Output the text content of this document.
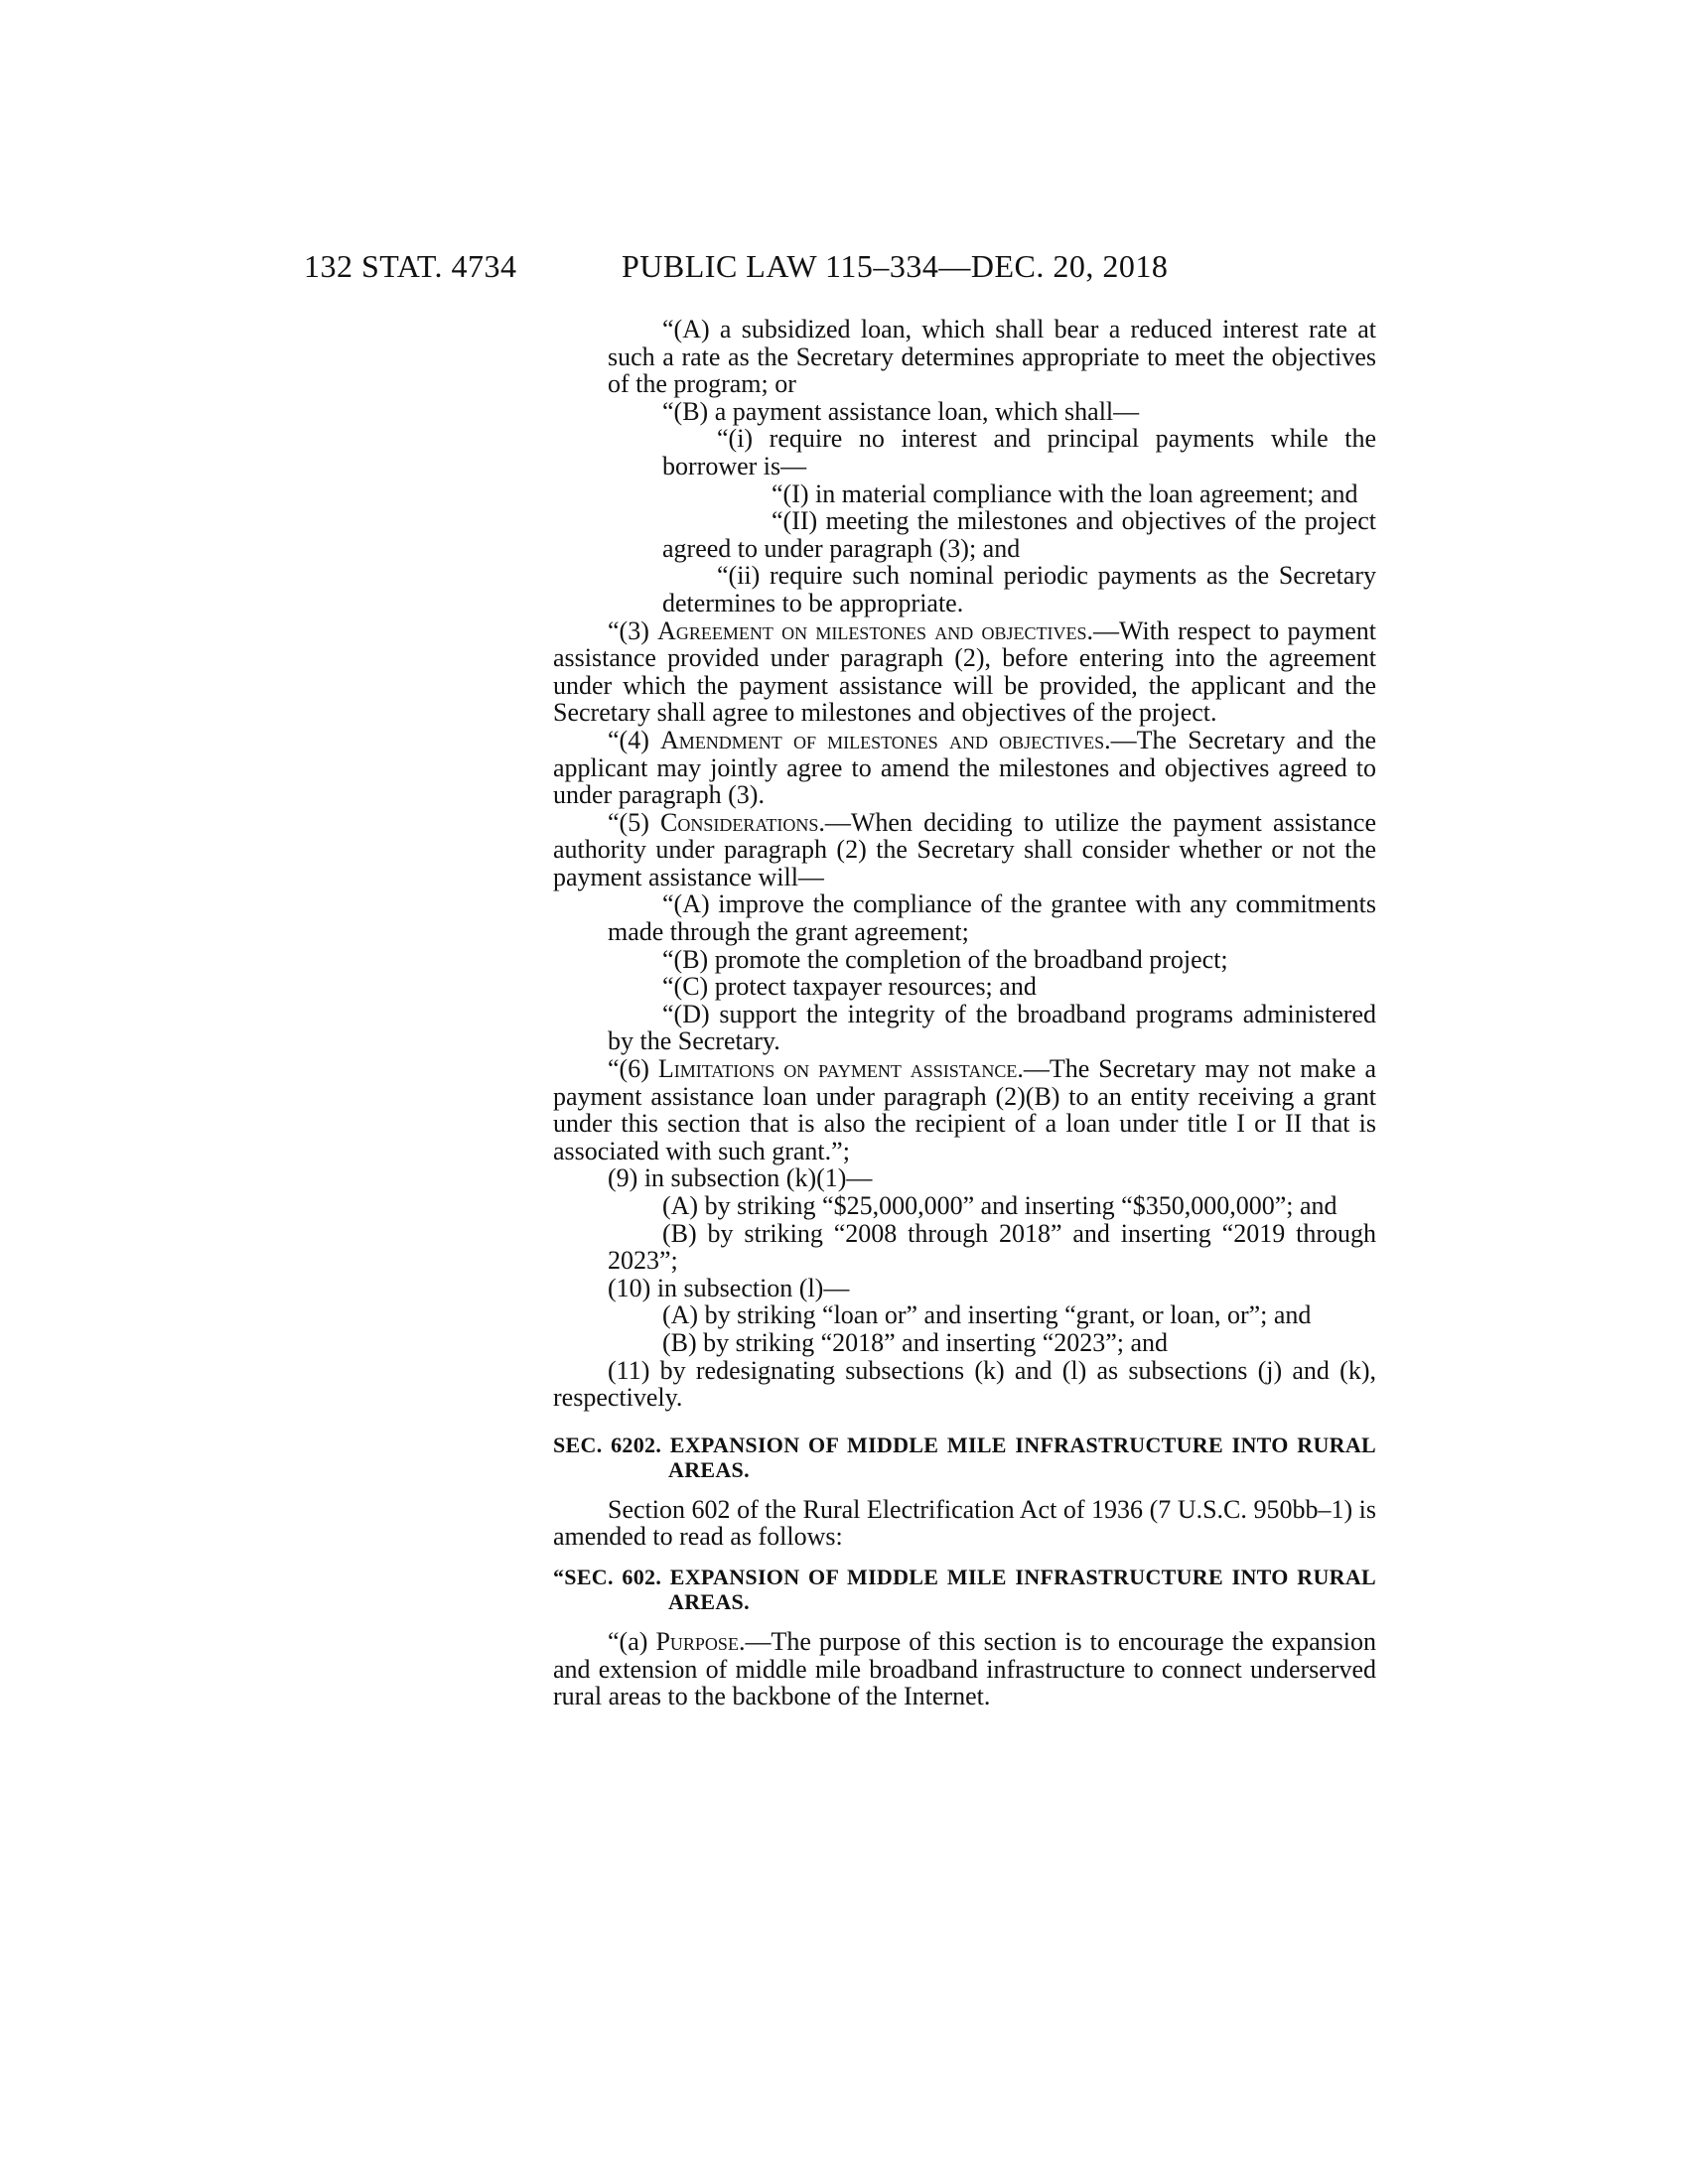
132 STAT. 4734	PUBLIC LAW 115–334—DEC. 20, 2018

“(A) a subsidized loan, which shall bear a reduced interest rate at such a rate as the Secretary determines appropriate to meet the objectives of the program; or

“(B) a payment assistance loan, which shall—

“(i) require no interest and principal payments while the borrower is—

“(I) in material compliance with the loan agreement; and

“(II) meeting the milestones and objectives of the project agreed to under paragraph (3); and

“(ii) require such nominal periodic payments as the Secretary determines to be appropriate.

“(3) Agreement on milestones and objectives.—With respect to payment assistance provided under paragraph (2), before entering into the agreement under which the payment assistance will be provided, the applicant and the Secretary shall agree to milestones and objectives of the project.

“(4) Amendment of milestones and objectives.—The Secretary and the applicant may jointly agree to amend the milestones and objectives agreed to under paragraph (3).

“(5) Considerations.—When deciding to utilize the payment assistance authority under paragraph (2) the Secretary shall consider whether or not the payment assistance will—

“(A) improve the compliance of the grantee with any commitments made through the grant agreement;

“(B) promote the completion of the broadband project;

“(C) protect taxpayer resources; and

“(D) support the integrity of the broadband programs administered by the Secretary.

“(6) Limitations on payment assistance.—The Secretary may not make a payment assistance loan under paragraph (2)(B) to an entity receiving a grant under this section that is also the recipient of a loan under title I or II that is associated with such grant.”;

(9) in subsection (k)(1)—

(A) by striking “$25,000,000” and inserting “$350,000,000”; and

(B) by striking “2008 through 2018” and inserting “2019 through 2023”;

(10) in subsection (l)—

(A) by striking “loan or” and inserting “grant, or loan, or”; and

(B) by striking “2018” and inserting “2023”; and

(11) by redesignating subsections (k) and (l) as subsections (j) and (k), respectively.

SEC. 6202. EXPANSION OF MIDDLE MILE INFRASTRUCTURE INTO RURAL AREAS.

Section 602 of the Rural Electrification Act of 1936 (7 U.S.C. 950bb–1) is amended to read as follows:

“SEC. 602. EXPANSION OF MIDDLE MILE INFRASTRUCTURE INTO RURAL AREAS.

“(a) Purpose.—The purpose of this section is to encourage the expansion and extension of middle mile broadband infrastructure to connect underserved rural areas to the backbone of the Internet.
